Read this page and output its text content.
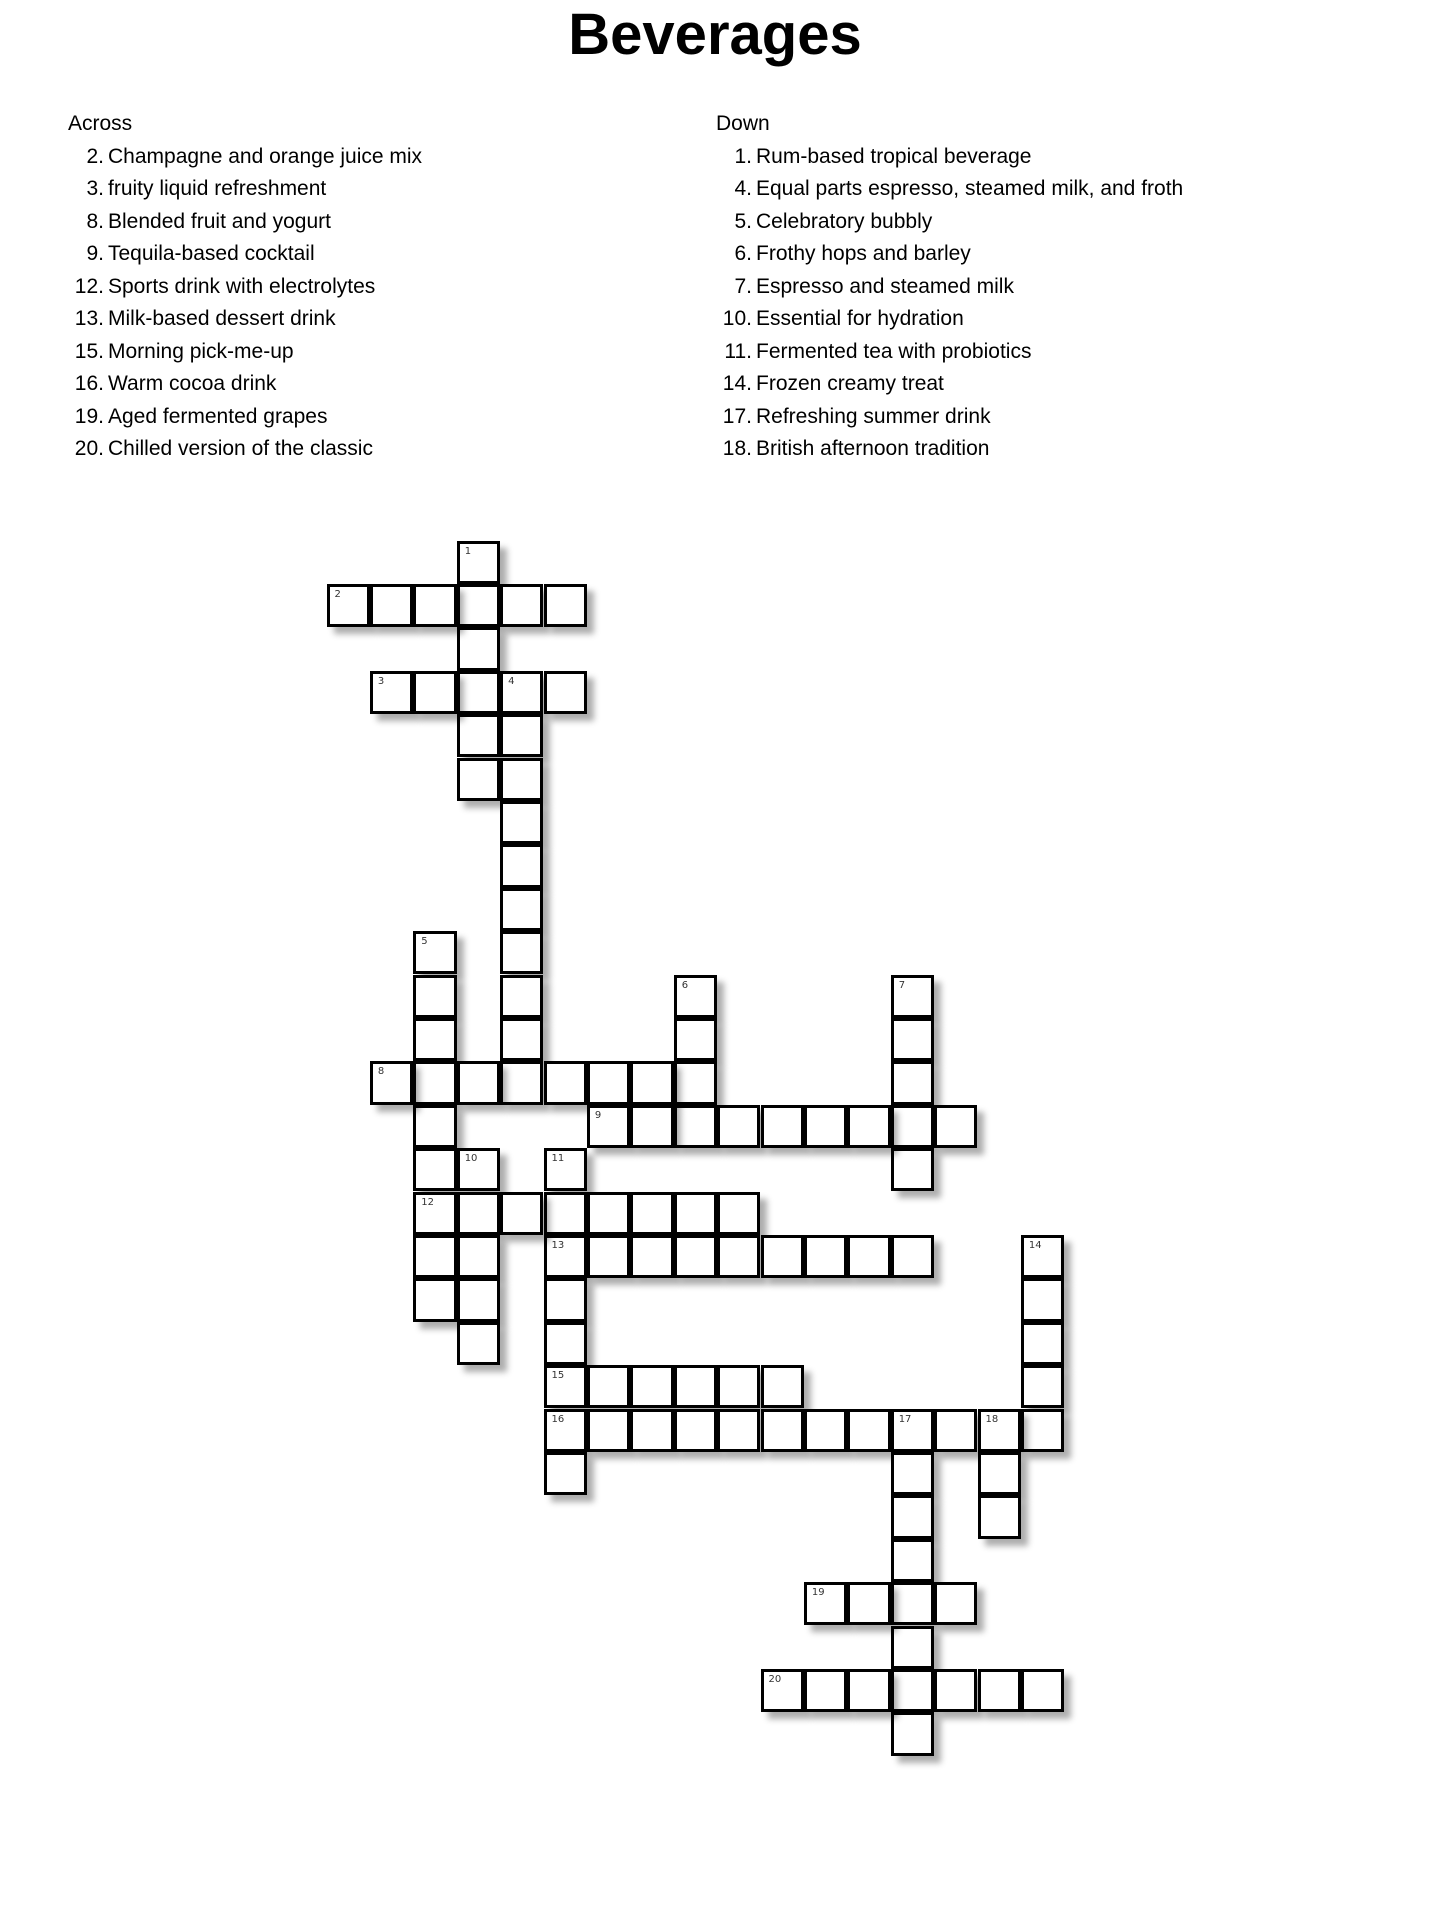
Beverages
Across
2. Champagne and orange juice mix
3. fruity liquid refreshment
8. Blended fruit and yogurt
9. Tequila-based cocktail
12. Sports drink with electrolytes
13. Milk-based dessert drink
15. Morning pick-me-up
16. Warm cocoa drink
19. Aged fermented grapes
20. Chilled version of the classic
Down
1. Rum-based tropical beverage
4. Equal parts espresso, steamed milk, and froth
5. Celebratory bubbly
6. Frothy hops and barley
7. Espresso and steamed milk
10. Essential for hydration
11. Fermented tea with probiotics
14. Frozen creamy treat
17. Refreshing summer drink
18. British afternoon tradition
1
2
3	4
5
12
6	7
8
9
10	11
13
15
16
14
17	18
19
20
